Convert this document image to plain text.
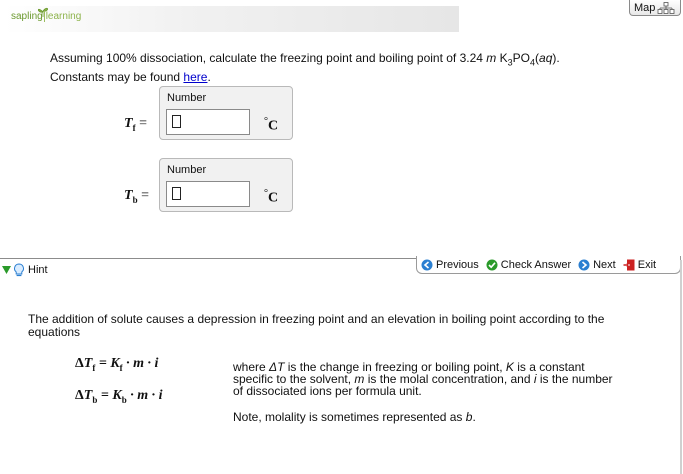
sapling learning
Map
Assuming 100% dissociation, calculate the freezing point and boiling point of 3.24 m $K_3PO_4(aq)$.
Constants may be found here.
$T_f$ =
Number
°C
$T_b$ =
Number
°C
Previous Check Answer Next Exit
Hint
The addition of solute causes a depression in freezing point and an elevation in boiling point according to the equations
$\Delta T_f = K_f \cdot m \cdot i$
$\Delta T_b = K_b \cdot m \cdot i$
where ΔT is the change in freezing or boiling point, K is a constant specific to the solvent, m is the molal concentration, and i is the number of dissociated ions per formula unit.
Note, molality is sometimes represented as b.
